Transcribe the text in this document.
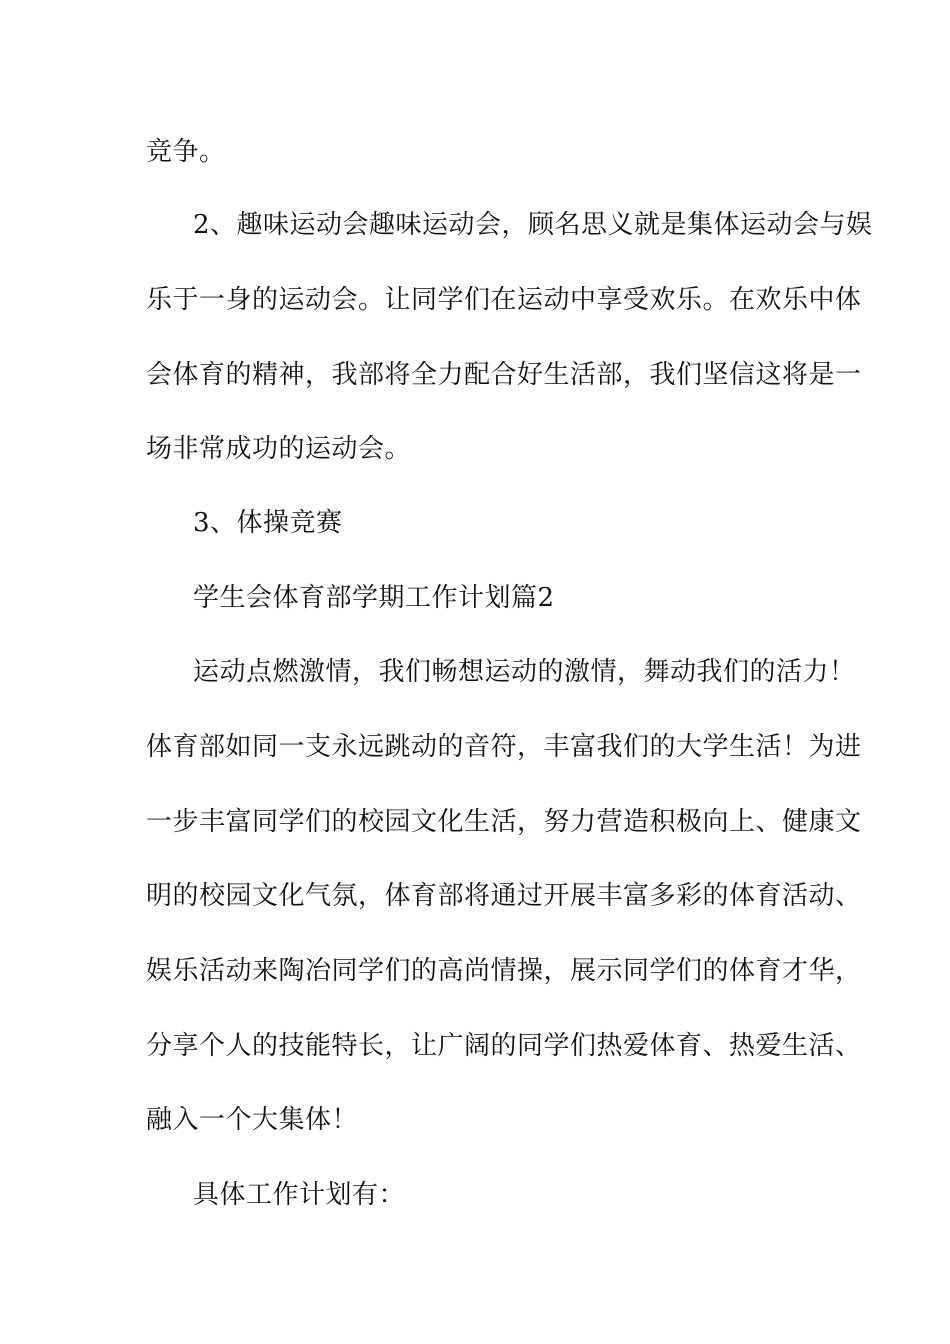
竞争。
2、趣味运动会趣味运动会，顾名思义就是集体运动会与娱
乐于一身的运动会。让同学们在运动中享受欢乐。在欢乐中体
会体育的精神，我部将全力配合好生活部，我们坚信这将是一
场非常成功的运动会。
3、体操竞赛
学生会体育部学期工作计划篇2
运动点燃激情，我们畅想运动的激情，舞动我们的活力！
体育部如同一支永远跳动的音符，丰富我们的大学生活！为进
一步丰富同学们的校园文化生活，努力营造积极向上、健康文
明的校园文化气氛，体育部将通过开展丰富多彩的体育活动、
娱乐活动来陶冶同学们的高尚情操，展示同学们的体育才华，
分享个人的技能特长，让广阔的同学们热爱体育、热爱生活、
融入一个大集体！
具体工作计划有：
